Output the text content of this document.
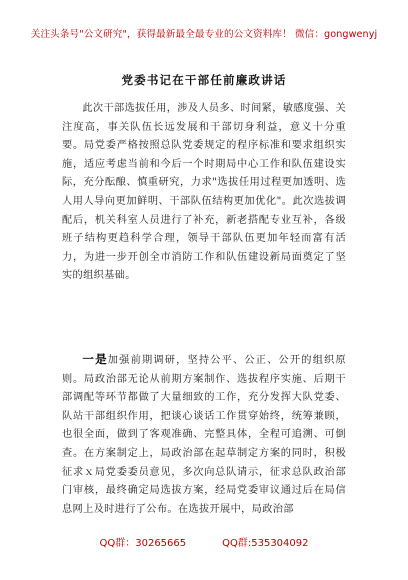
关注头条号"公文研究"，获得最新最全最专业的公文资料库！ 微信：gongwenyj
党委书记在干部任前廉政讲话

此次干部选拔任用，涉及人员多、时间紧，敏感度强、关注度高，事关队伍长远发展和干部切身利益，意义十分重要。局党委严格按照总队党委规定的程序标准和要求组织实施，适应考虑当前和今后一个时期局中心工作和队伍建设实际，充分酝酿、慎重研究，力求"选拔任用过程更加透明、选人用人导向更加鲜明、干部队伍结构更加优化"。此次选拔调配后，机关科室人员进行了补充，新老搭配专业互补，各级班子结构更趋科学合理，领导干部队伍更加年轻而富有活力，为进一步开创全市消防工作和队伍建设新局面奠定了坚实的组织基础。

一是加强前期调研，坚持公平、公正、公开的组织原则。局政治部无论从前期方案制作、选拔程序实施、后期干部调配等环节都做了大量细致的工作，充分发挥大队党委、队站干部组织作用，把谈心谈话工作贯穿始终，统筹兼顾，也很全面，做到了客观准确、完整具体，全程可追溯、可倒查。在方案制定上，局政治部在起草制定方案的同时，积极征求ｘ局党委委员意见，多次向总队请示，征求总队政治部门审核，最终确定局选拔方案，经局党委审议通过后在局信息网上及时进行了公布。在选拔开展中，局政治部

QQ群：30265665	QQ群:535304092
